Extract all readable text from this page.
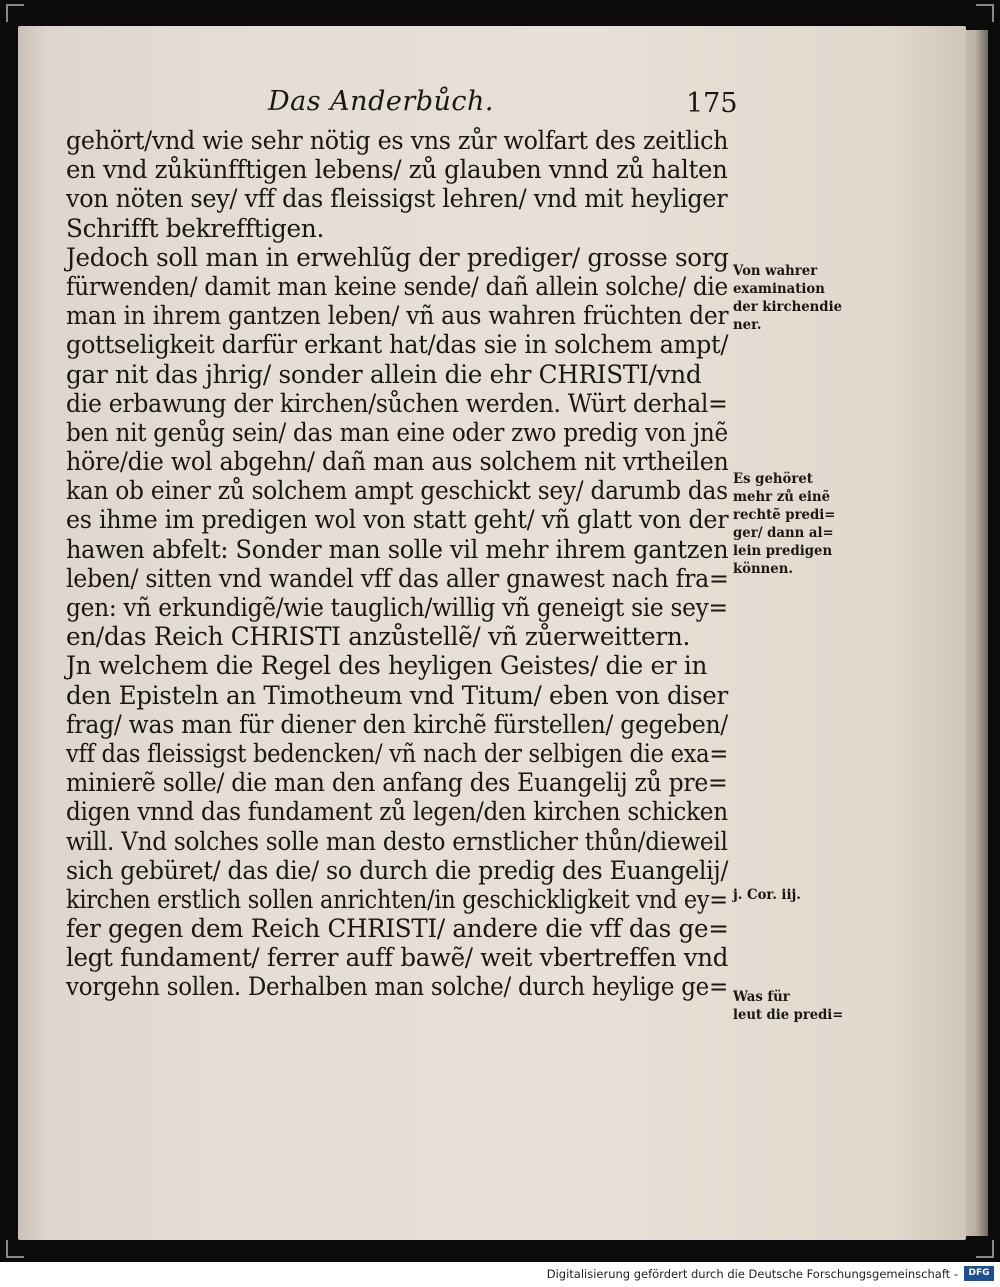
Das Anderbůch.	175
gehört/vnd wie sehr nötig es vns zůr wolfart des zeitlich
en vnd zůkünfftigen lebens/ zů glauben vnnd zů halten
von nöten sey/ vff das fleissigst lehren/ vnd mit heyliger
Schrifft bekrefftigen.
Jedoch soll man in erwehlũg der prediger/ grosse sorg
fürwenden/ damit man keine sende/ dañ allein solche/ die
man in ihrem gantzen leben/ vñ aus wahren früchten der
gottseligkeit darfür erkant hat/das sie in solchem ampt/
gar nit das jhrig/ sonder allein die ehr CHRISTI/vnd
die erbawung der kirchen/sůchen werden. Würt derhal=
ben nit genůg sein/ das man eine oder zwo predig von jnẽ
höre/die wol abgehn/ dañ man aus solchem nit vrtheilen
kan ob einer zů solchem ampt geschickt sey/ darumb das
es ihme im predigen wol von statt geht/ vñ glatt von der
hawen abfelt: Sonder man solle vil mehr ihrem gantzen
leben/ sitten vnd wandel vff das aller gnawest nach fra=
gen: vñ erkundigẽ/wie tauglich/willig vñ geneigt sie sey=
en/das Reich CHRISTI anzůstellẽ/ vñ zůerweittern.
Jn welchem die Regel des heyligen Geistes/ die er in
den Episteln an Timotheum vnd Titum/ eben von diser
frag/ was man für diener den kirchẽ fürstellen/ gegeben/
vff das fleissigst bedencken/ vñ nach der selbigen die exa=
minierẽ solle/ die man den anfang des Euangelij zů pre=
digen vnnd das fundament zů legen/den kirchen schicken
will. Vnd solches solle man desto ernstlicher thůn/dieweil
sich gebüret/ das die/ so durch die predig des Euangelij/
kirchen erstlich sollen anrichten/in geschickligkeit vnd ey=
fer gegen dem Reich CHRISTI/ andere die vff das ge=
legt fundament/ ferrer auff bawẽ/ weit vbertreffen vnd
vorgehn sollen. Derhalben man solche/ durch heylige ge=
Von wahrer
examination
der kirchendie
ner.
Es gehöret
mehr zů einẽ
rechtẽ predi=
ger/ dann al=
lein predigen
können.
j. Cor. iij.
Was für
leut die predi=
Digitalisierung gefördert durch die Deutsche Forschungsgemeinschaft -	DFG
